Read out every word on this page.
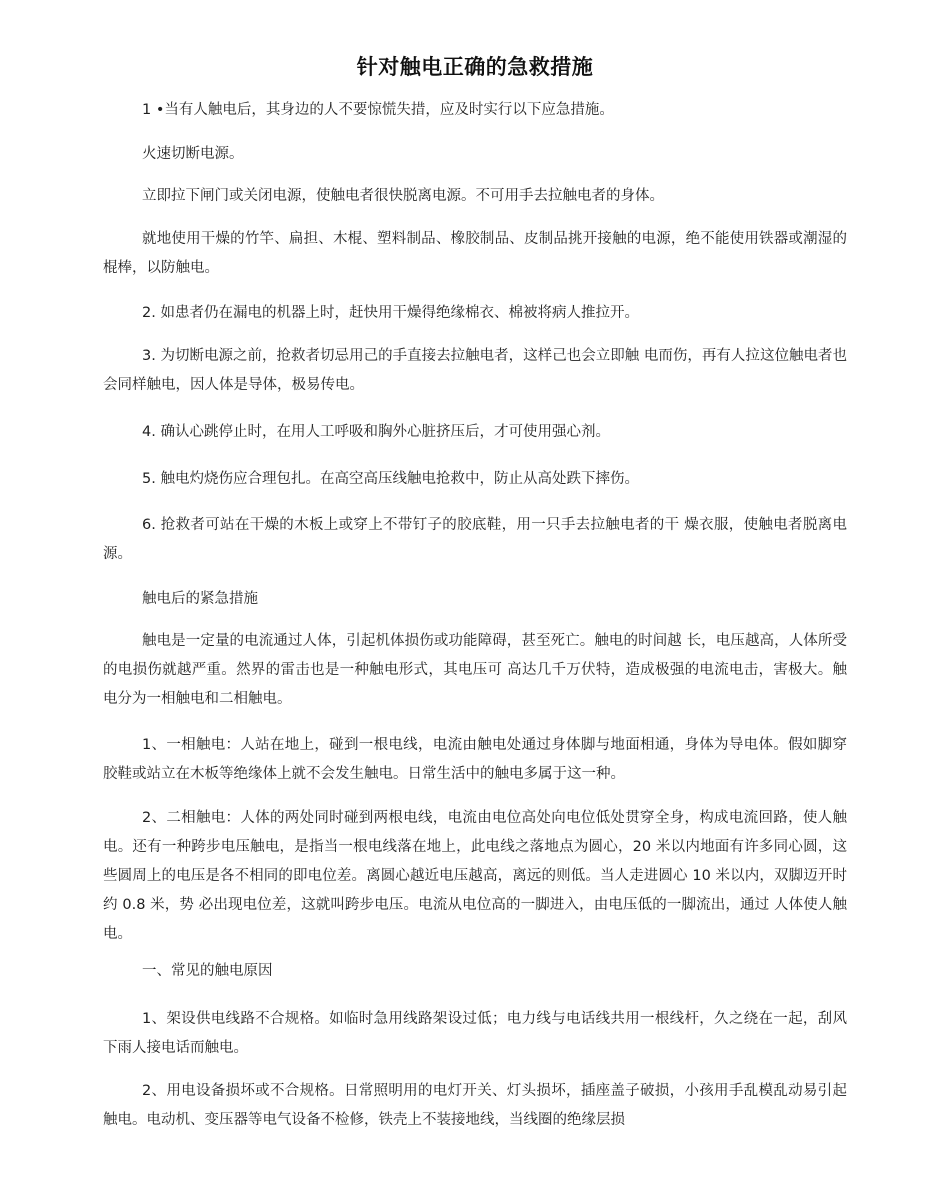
针对触电正确的急救措施

1 •当有人触电后，其身边的人不要惊慌失措，应及时实行以下应急措施。

火速切断电源。

立即拉下闸门或关闭电源，使触电者很快脱离电源。不可用手去拉触电者的身体。

就地使用干燥的竹竿、扁担、木棍、塑料制品、橡胶制品、皮制品挑开接触的电源，绝不能使用铁器或潮湿的棍棒，以防触电。

2. 如患者仍在漏电的机器上时，赶快用干燥得绝缘棉衣、棉被将病人推拉开。

3. 为切断电源之前，抢救者切忌用己的手直接去拉触电者，这样己也会立即触 电而伤，再有人拉这位触电者也会同样触电，因人体是导体，极易传电。

4. 确认心跳停止时，在用人工呼吸和胸外心脏挤压后，才可使用强心剂。

5. 触电灼烧伤应合理包扎。在高空高压线触电抢救中，防止从高处跌下摔伤。

6. 抢救者可站在干燥的木板上或穿上不带钉子的胶底鞋，用一只手去拉触电者的干 燥衣服，使触电者脱离电源。

触电后的紧急措施

触电是一定量的电流通过人体，引起机体损伤或功能障碍，甚至死亡。触电的时间越 长，电压越高，人体所受的电损伤就越严重。然界的雷击也是一种触电形式，其电压可 高达几千万伏特，造成极强的电流电击，害极大。触电分为一相触电和二相触电。

1、一相触电：人站在地上，碰到一根电线，电流由触电处通过身体脚与地面相通，身体为导电体。假如脚穿胶鞋或站立在木板等绝缘体上就不会发生触电。日常生活中的触电多属于这一种。

2、二相触电：人体的两处同时碰到两根电线，电流由电位高处向电位低处贯穿全身，构成电流回路，使人触电。还有一种跨步电压触电，是指当一根电线落在地上，此电线之落地点为圆心，20 米以内地面有许多同心圆，这些圆周上的电压是各不相同的即电位差。离圆心越近电压越高，离远的则低。当人走进圆心 10 米以内，双脚迈开时约 0.8 米，势 必出现电位差，这就叫跨步电压。电流从电位高的一脚进入，由电压低的一脚流出，通过 人体使人触电。

一、常见的触电原因

1、架设供电线路不合规格。如临时急用线路架设过低；电力线与电话线共用一根线杆，久之绕在一起，刮风下雨人接电话而触电。

2、用电设备损坏或不合规格。日常照明用的电灯开关、灯头损坏，插座盖子破损，小孩用手乱模乱动易引起触电。电动机、变压器等电气设备不检修，铁壳上不装接地线，当线圈的绝缘层损
